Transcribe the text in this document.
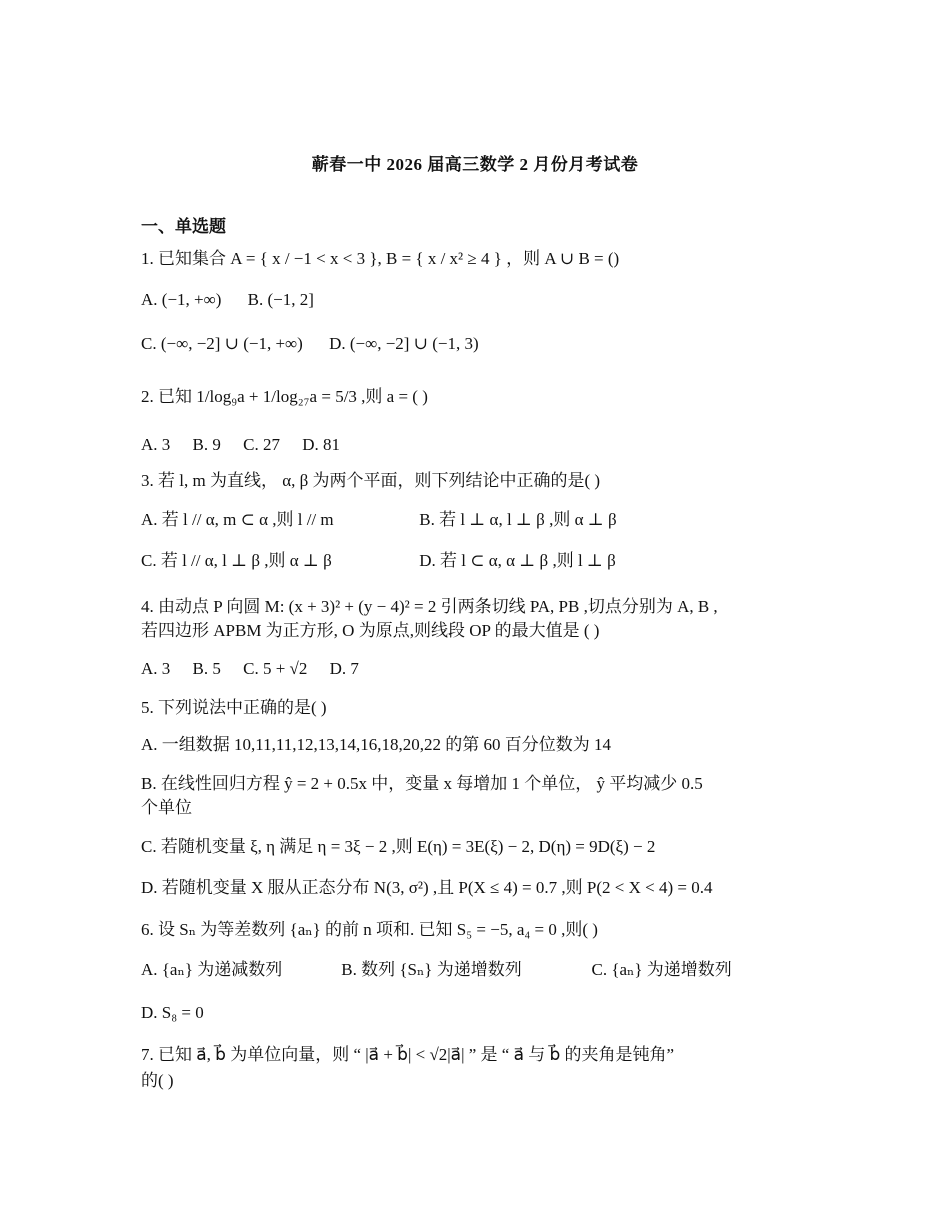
蕲春一中 2026 届高三数学 2 月份月考试卷
一、单选题
1. 已知集合 A = { x / −1 < x < 3 }, B = { x / x² ≥ 4 } ，则 A ∪ B = ()
A. (−1, +∞) B. (−1, 2]
C. (−∞, −2] ∪ (−1, +∞) D. (−∞, −2] ∪ (−1, 3)
2. 已知 1/log₉a + 1/log₂₇a = 5/3 ,则 a = ( )
A. 3 B. 9 C. 27 D. 81
3. 若 l, m 为直线， α, β 为两个平面，则下列结论中正确的是( )
A. 若 l // α, m ⊂ α ,则 l // m	B. 若 l ⊥ α, l ⊥ β ,则 α ⊥ β
C. 若 l // α, l ⊥ β ,则 α ⊥ β	D. 若 l ⊂ α, α ⊥ β ,则 l ⊥ β
4. 由动点 P 向圆 M: (x + 3)² + (y − 4)² = 2 引两条切线 PA, PB ,切点分别为 A, B ,
若四边形 APBM 为正方形, O 为原点,则线段 OP 的最大值是 ( )
A. 3 B. 5 C. 5 + √2 D. 7
5. 下列说法中正确的是( )
A. 一组数据 10,11,11,12,13,14,16,18,20,22 的第 60 百分位数为 14
B. 在线性回归方程 ŷ = 2 + 0.5x 中，变量 x 每增加 1 个单位， ŷ 平均减少 0.5
个单位
C. 若随机变量 ξ, η 满足 η = 3ξ − 2 ,则 E(η) = 3E(ξ) − 2, D(η) = 9D(ξ) − 2
D. 若随机变量 X 服从正态分布 N(3, σ²) ,且 P(X ≤ 4) = 0.7 ,则 P(2 < X < 4) = 0.4
6. 设 Sₙ 为等差数列 {aₙ} 的前 n 项和. 已知 S₅ = −5, a₄ = 0 ,则( )
A. {aₙ} 为递减数列	B. 数列 {Sₙ} 为递增数列	C. {aₙ} 为递增数列
D. S₈ = 0
7. 已知 a⃗, b⃗ 为单位向量，则 “ |a⃗ + b⃗| < √2|a⃗| ” 是 “ a⃗ 与 b⃗ 的夹角是钝角”
的( )
